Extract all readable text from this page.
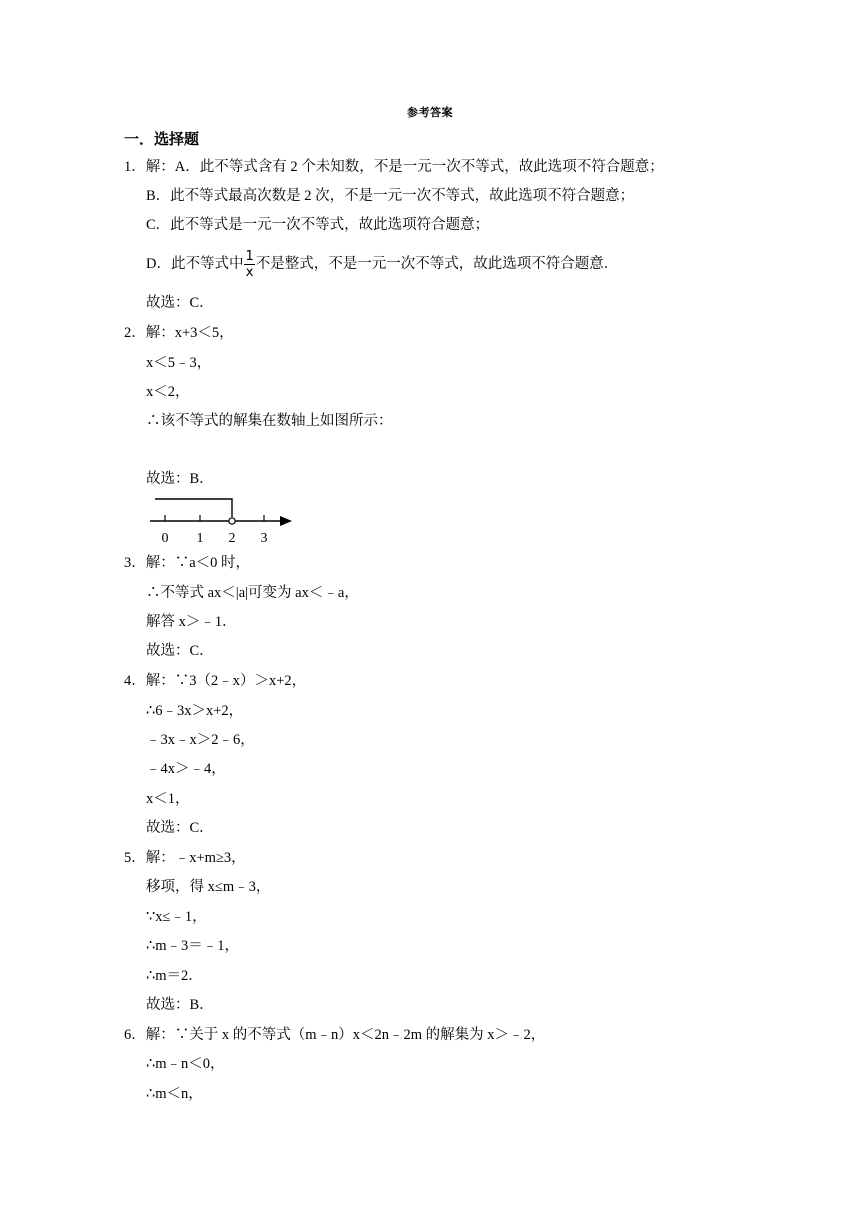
参考答案
一．选择题
1．解：A．此不等式含有 2 个未知数，不是一元一次不等式，故此选项不符合题意；
B．此不等式最高次数是 2 次，不是一元一次不等式，故此选项不符合题意；
C．此不等式是一元一次不等式，故此选项符合题意；
D．此不等式中 $\frac{1}{x}$ 不是整式，不是一元一次不等式，故此选项不符合题意．
故选：C．
2．解：x+3＜5，
x＜5﹣3，
x＜2，
∴该不等式的解集在数轴上如图所示：
故选：B．
0 1 2 3
3．解：∵a＜0 时，
∴不等式 ax＜|a|可变为 ax＜﹣a，
解答 x＞﹣1．
故选：C．
4．解：∵3（2﹣x）＞x+2，
∴6﹣3x＞x+2，
﹣3x﹣x＞2﹣6，
﹣4x＞﹣4，
x＜1，
故选：C．
5．解：﹣x+m≥3，
移项，得 x≤m﹣3，
∵x≤﹣1，
∴m﹣3＝﹣1，
∴m＝2．
故选：B．
6．解：∵关于 x 的不等式（m﹣n）x＜2n﹣2m 的解集为 x＞﹣2，
∴m﹣n＜0，
∴m＜n，
